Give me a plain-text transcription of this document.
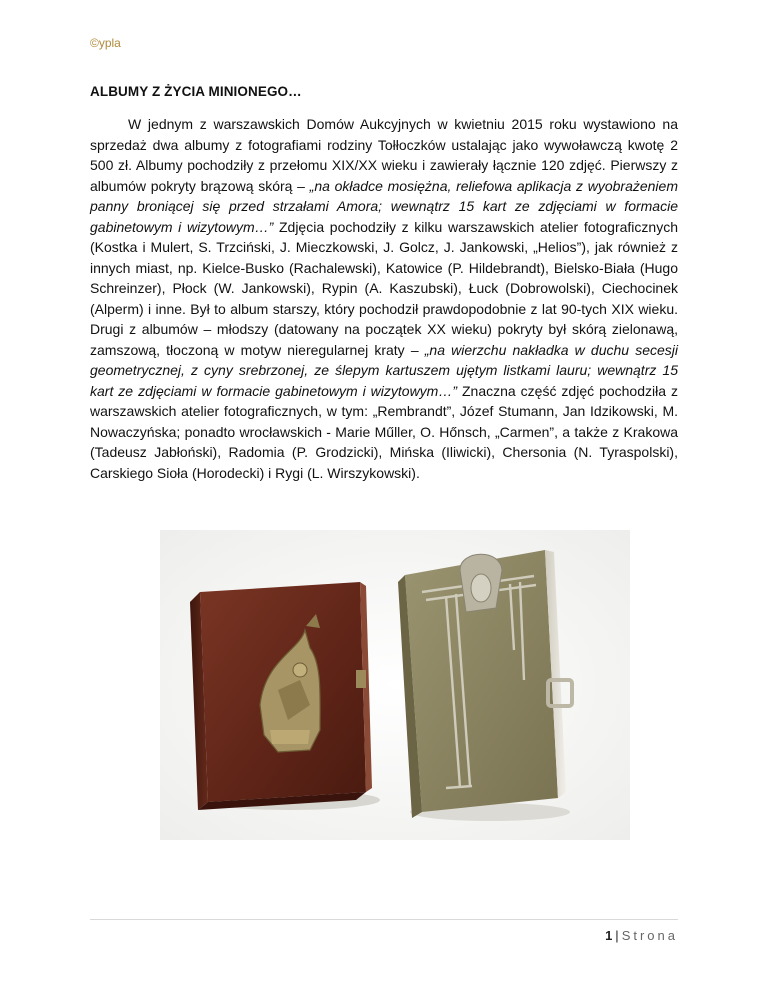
©ypla
ALBUMY Z ŻYCIA MINIONEGO…

W jednym z warszawskich Domów Aukcyjnych w kwietniu 2015 roku wystawiono na sprzedaż dwa albumy z fotografiami rodziny Tołłoczków ustalając jako wywoławczą kwotę 2 500 zł. Albumy pochodziły z przełomu XIX/XX wieku i zawierały łącznie 120 zdjęć. Pierwszy z albumów pokryty brązową skórą – „na okładce mosiężna, reliefowa aplikacja z wyobrażeniem panny broniącej się przed strzałami Amora; wewnątrz 15 kart ze zdjęciami w formacie gabinetowym i wizytowym…” Zdjęcia pochodziły z kilku warszawskich atelier fotograficznych (Kostka i Mulert, S. Trzciński, J. Mieczkowski, J. Golcz, J. Jankowski, „Helios”), jak również z innych miast, np. Kielce-Busko (Rachalewski), Katowice (P. Hildebrandt), Bielsko-Biała (Hugo Schreinzer), Płock (W. Jankowski), Rypin (A. Kaszubski), Łuck (Dobrowolski), Ciechocinek (Alperm) i inne. Był to album starszy, który pochodził prawdopodobnie z lat 90-tych XIX wieku. Drugi z albumów – młodszy (datowany na początek XX wieku) pokryty był skórą zielonawą, zamszową, tłoczoną w motyw nieregularnej kraty – „na wierzchu nakładka w duchu secesji geometrycznej, z cyny srebrzonej, ze ślepym kartuszem ujętym listkami lauru; wewnątrz 15 kart ze zdjęciami w formacie gabinetowym i wizytowym…” Znaczna część zdjęć pochodziła z warszawskich atelier fotograficznych, w tym: „Rembrandt”, Józef Stumann, Jan Idzikowski, M. Nowaczyńska; ponadto wrocławskich - Marie Műller, O. Hőnsch, „Carmen”, a także z Krakowa (Tadeusz Jabłoński), Radomia (P. Grodzicki), Mińska (Iliwicki), Chersonia (N. Tyraspolski), Carskiego Sioła (Horodecki) i Rygi (L. Wirszykowski).

1 | Strona
